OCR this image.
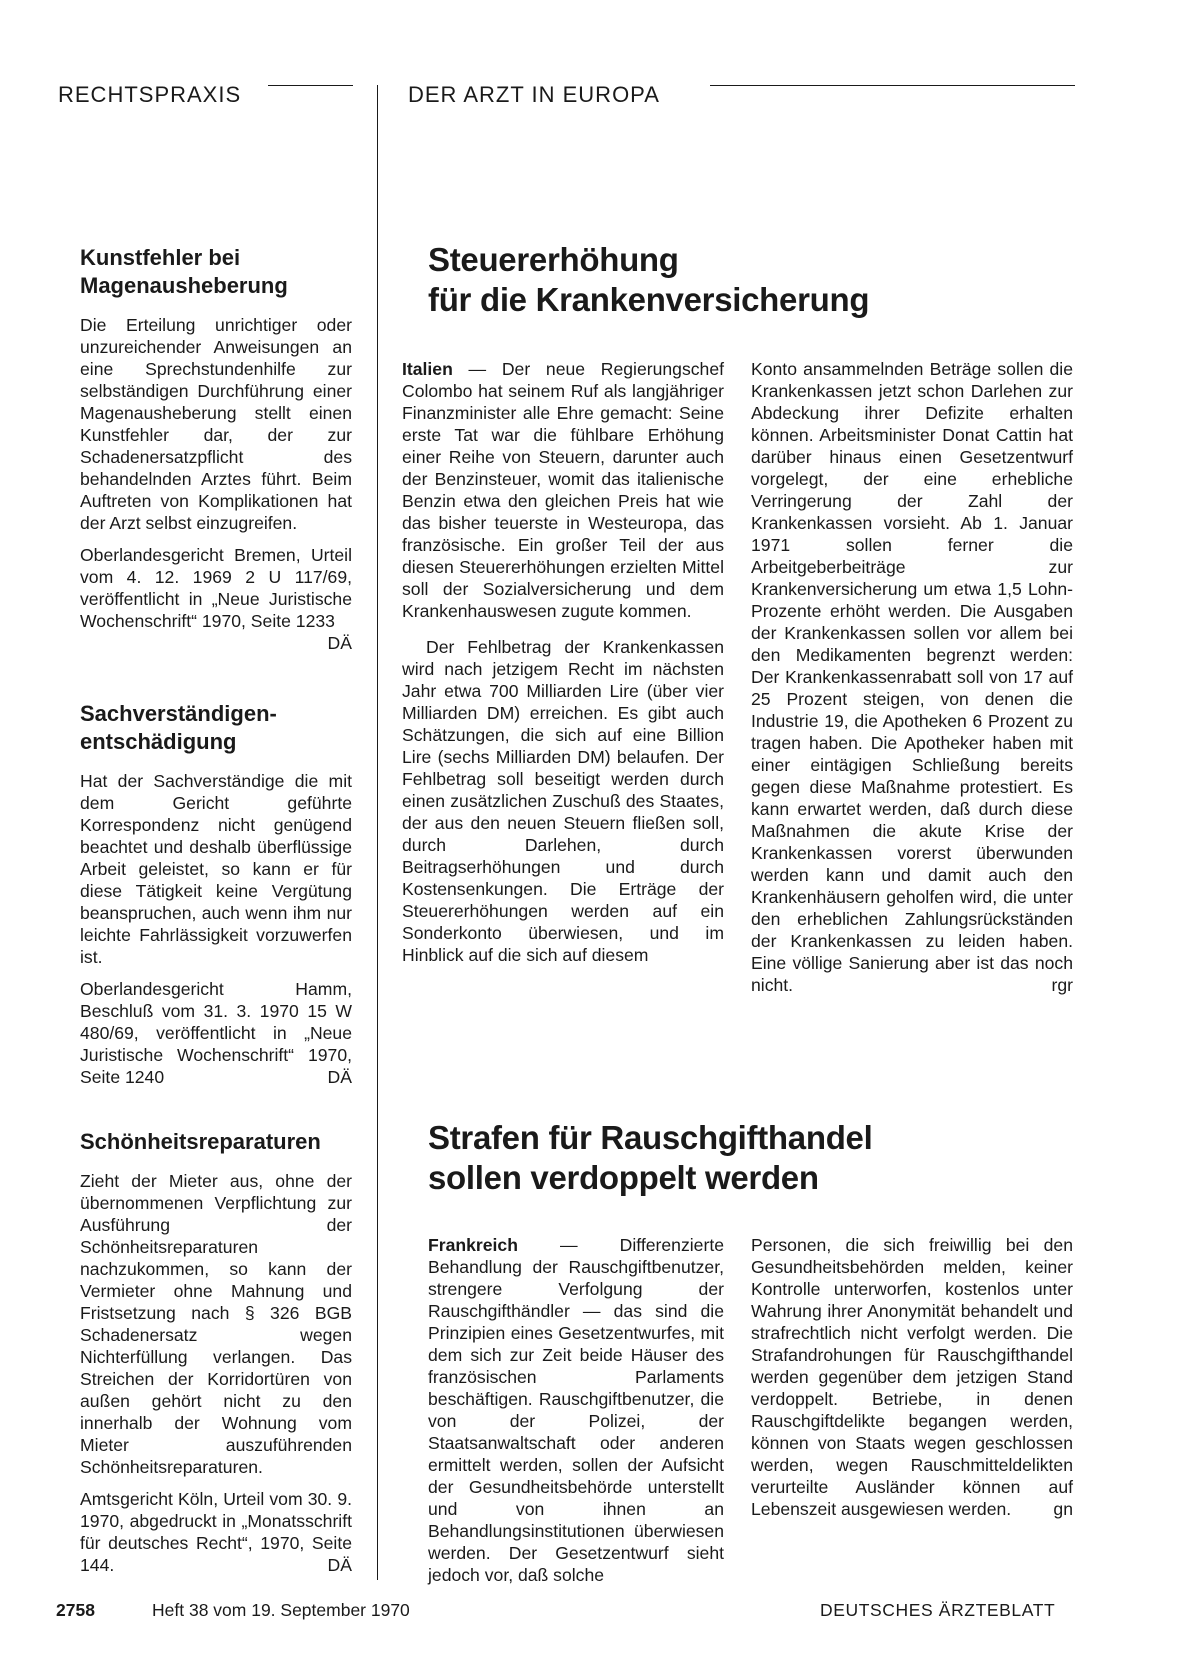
RECHTSPRAXIS	DER ARZT IN EUROPA
Kunstfehler bei
Magenausheberung

Die Erteilung unrichtiger oder unzureichender Anweisungen an eine Sprechstundenhilfe zur selbständigen Durchführung einer Magenausheberung stellt einen Kunstfehler dar, der zur Schadenersatzpflicht des behandelnden Arztes führt. Beim Auftreten von Komplikationen hat der Arzt selbst einzugreifen.

Oberlandesgericht Bremen, Urteil vom 4. 12. 1969 2 U 117/69, veröffentlicht in „Neue Juristische Wochenschrift“ 1970, Seite 1233
DÄ

Sachverständigen-
entschädigung

Hat der Sachverständige die mit dem Gericht geführte Korrespondenz nicht genügend beachtet und deshalb überflüssige Arbeit geleistet, so kann er für diese Tätigkeit keine Vergütung beanspruchen, auch wenn ihm nur leichte Fahrlässigkeit vorzuwerfen ist.

Oberlandesgericht Hamm, Beschluß vom 31. 3. 1970 15 W 480/69, veröffentlicht in „Neue Juristische Wochenschrift“ 1970, Seite 1240	DÄ

Schönheitsreparaturen

Zieht der Mieter aus, ohne der übernommenen Verpflichtung zur Ausführung der Schönheitsreparaturen nachzukommen, so kann der Vermieter ohne Mahnung und Fristsetzung nach § 326 BGB Schadenersatz wegen Nichterfüllung verlangen. Das Streichen der Korridortüren von außen gehört nicht zu den innerhalb der Wohnung vom Mieter auszuführenden Schönheitsreparaturen.

Amtsgericht Köln, Urteil vom 30. 9. 1970, abgedruckt in „Monatsschrift für deutsches Recht“, 1970, Seite 144.	DÄ

Steuererhöhung
für die Krankenversicherung

Italien — Der neue Regierungschef Colombo hat seinem Ruf als langjähriger Finanzminister alle Ehre gemacht: Seine erste Tat war die fühlbare Erhöhung einer Reihe von Steuern, darunter auch der Benzinsteuer, womit das italienische Benzin etwa den gleichen Preis hat wie das bisher teuerste in Westeuropa, das französische. Ein großer Teil der aus diesen Steuererhöhungen erzielten Mittel soll der Sozialversicherung und dem Krankenhauswesen zugute kommen.

Der Fehlbetrag der Krankenkassen wird nach jetzigem Recht im nächsten Jahr etwa 700 Milliarden Lire (über vier Milliarden DM) erreichen. Es gibt auch Schätzungen, die sich auf eine Billion Lire (sechs Milliarden DM) belaufen. Der Fehlbetrag soll beseitigt werden durch einen zusätzlichen Zuschuß des Staates, der aus den neuen Steuern fließen soll, durch Darlehen, durch Beitragserhöhungen und durch Kostensenkungen. Die Erträge der Steuererhöhungen werden auf ein Sonderkonto überwiesen, und im Hinblick auf die sich auf diesem

Konto ansammelnden Beträge sollen die Krankenkassen jetzt schon Darlehen zur Abdeckung ihrer Defizite erhalten können. Arbeitsminister Donat Cattin hat darüber hinaus einen Gesetzentwurf vorgelegt, der eine erhebliche Verringerung der Zahl der Krankenkassen vorsieht. Ab 1. Januar 1971 sollen ferner die Arbeitgeberbeiträge zur Krankenversicherung um etwa 1,5 Lohn-Prozente erhöht werden. Die Ausgaben der Krankenkassen sollen vor allem bei den Medikamenten begrenzt werden: Der Krankenkassenrabatt soll von 17 auf 25 Prozent steigen, von denen die Industrie 19, die Apotheken 6 Prozent zu tragen haben. Die Apotheker haben mit einer eintägigen Schließung bereits gegen diese Maßnahme protestiert. Es kann erwartet werden, daß durch diese Maßnahmen die akute Krise der Krankenkassen vorerst überwunden werden kann und damit auch den Krankenhäusern geholfen wird, die unter den erheblichen Zahlungsrückständen der Krankenkassen zu leiden haben. Eine völlige Sanierung aber ist das noch nicht.	rgr

Strafen für Rauschgifthandel
sollen verdoppelt werden

Frankreich — Differenzierte Behandlung der Rauschgiftbenutzer, strengere Verfolgung der Rauschgifthändler — das sind die Prinzipien eines Gesetzentwurfes, mit dem sich zur Zeit beide Häuser des französischen Parlaments beschäftigen. Rauschgiftbenutzer, die von der Polizei, der Staatsanwaltschaft oder anderen ermittelt werden, sollen der Aufsicht der Gesundheitsbehörde unterstellt und von ihnen an Behandlungsinstitutionen überwiesen werden. Der Gesetzentwurf sieht jedoch vor, daß solche

Personen, die sich freiwillig bei den Gesundheitsbehörden melden, keiner Kontrolle unterworfen, kostenlos unter Wahrung ihrer Anonymität behandelt und strafrechtlich nicht verfolgt werden. Die Strafandrohungen für Rauschgifthandel werden gegenüber dem jetzigen Stand verdoppelt. Betriebe, in denen Rauschgiftdelikte begangen werden, können von Staats wegen geschlossen werden, wegen Rauschmitteldelikten verurteilte Ausländer können auf Lebenszeit ausgewiesen werden. gn

2758	Heft 38 vom 19. September 1970	DEUTSCHES ÄRZTEBLATT
